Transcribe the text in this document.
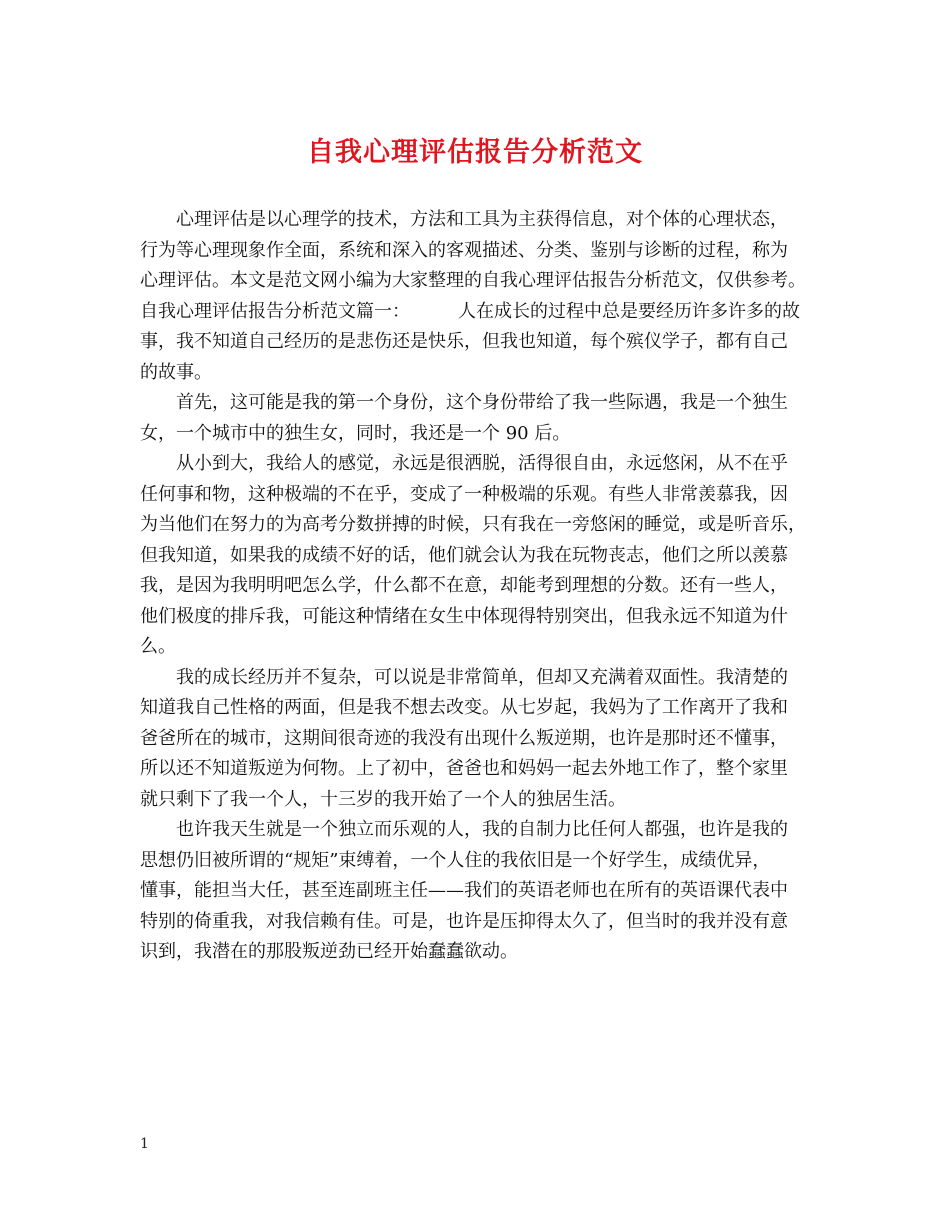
自我心理评估报告分析范文

心理评估是以心理学的技术，方法和工具为主获得信息，对个体的心理状态，
行为等心理现象作全面，系统和深入的客观描述、分类、鉴别与诊断的过程，称为
心理评估。本文是范文网小编为大家整理的自我心理评估报告分析范文，仅供参考。
自我心理评估报告分析范文篇一：	人在成长的过程中总是要经历许多许多的故
事，我不知道自己经历的是悲伤还是快乐，但我也知道，每个殡仪学子，都有自己
的故事。

首先，这可能是我的第一个身份，这个身份带给了我一些际遇，我是一个独生
女，一个城市中的独生女，同时，我还是一个 90 后。

从小到大，我给人的感觉，永远是很洒脱，活得很自由，永远悠闲，从不在乎
任何事和物，这种极端的不在乎，变成了一种极端的乐观。有些人非常羡慕我，因
为当他们在努力的为高考分数拼搏的时候，只有我在一旁悠闲的睡觉，或是听音乐，
但我知道，如果我的成绩不好的话，他们就会认为我在玩物丧志，他们之所以羡慕
我，是因为我明明吧怎么学，什么都不在意，却能考到理想的分数。还有一些人，
他们极度的排斥我，可能这种情绪在女生中体现得特别突出，但我永远不知道为什
么。

我的成长经历并不复杂，可以说是非常简单，但却又充满着双面性。我清楚的
知道我自己性格的两面，但是我不想去改变。从七岁起，我妈为了工作离开了我和
爸爸所在的城市，这期间很奇迹的我没有出现什么叛逆期，也许是那时还不懂事，
所以还不知道叛逆为何物。上了初中，爸爸也和妈妈一起去外地工作了，整个家里
就只剩下了我一个人，十三岁的我开始了一个人的独居生活。

也许我天生就是一个独立而乐观的人，我的自制力比任何人都强，也许是我的
思想仍旧被所谓的“规矩”束缚着，一个人住的我依旧是一个好学生，成绩优异，
懂事，能担当大任，甚至连副班主任——我们的英语老师也在所有的英语课代表中
特别的倚重我，对我信赖有佳。可是，也许是压抑得太久了，但当时的我并没有意
识到，我潜在的那股叛逆劲已经开始蠢蠢欲动。

1
